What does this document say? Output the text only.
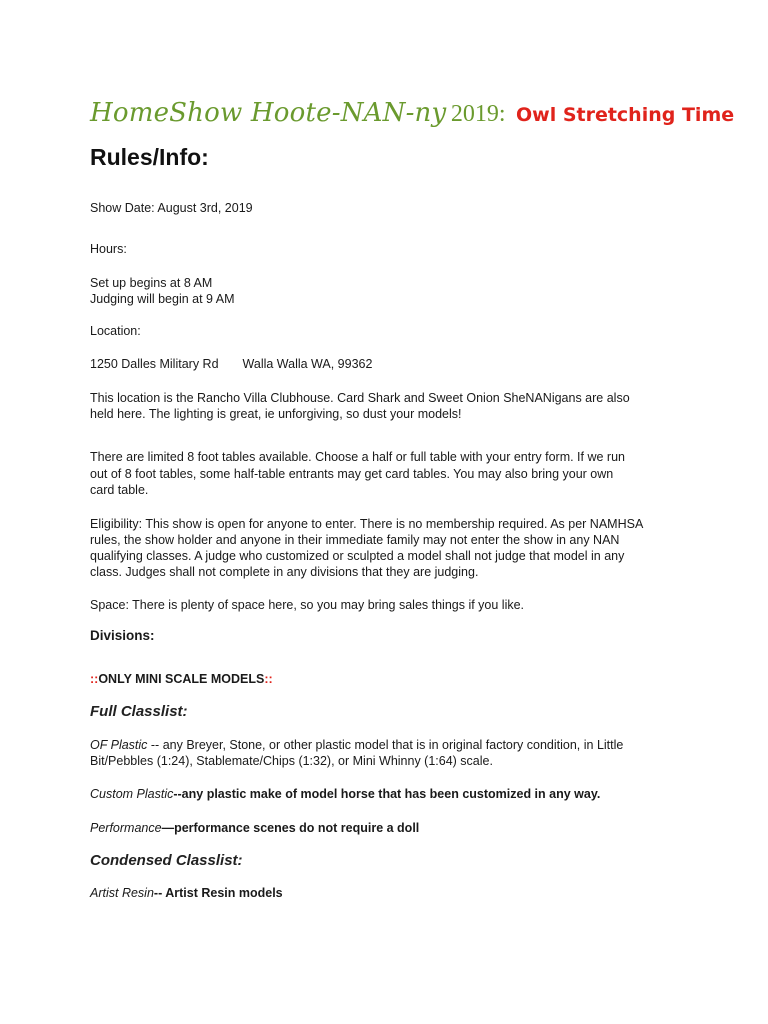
HomeShow Hoote-NAN-ny 2019: Owl Stretching Time
Rules/Info:
Show Date: August 3rd, 2019
Hours:
Set up begins at 8 AM
Judging will begin at 9 AM
Location:
1250 Dalles Military Rd Walla Walla WA, 99362
This location is the Rancho Villa Clubhouse. Card Shark and Sweet Onion SheNANigans are also
held here. The lighting is great, ie unforgiving, so dust your models!
There are limited 8 foot tables available. Choose a half or full table with your entry form. If we run
out of 8 foot tables, some half-table entrants may get card tables. You may also bring your own
card table.
Eligibility: This show is open for anyone to enter. There is no membership required. As per NAMHSA
rules, the show holder and anyone in their immediate family may not enter the show in any NAN
qualifying classes. A judge who customized or sculpted a model shall not judge that model in any
class. Judges shall not complete in any divisions that they are judging.
Space: There is plenty of space here, so you may bring sales things if you like.
Divisions:
::ONLY MINI SCALE MODELS::
Full Classlist:
OF Plastic -- any Breyer, Stone, or other plastic model that is in original factory condition, in Little
Bit/Pebbles (1:24), Stablemate/Chips (1:32), or Mini Whinny (1:64) scale.
Custom Plastic--any plastic make of model horse that has been customized in any way.
Performance—performance scenes do not require a doll
Condensed Classlist:
Artist Resin-- Artist Resin models
